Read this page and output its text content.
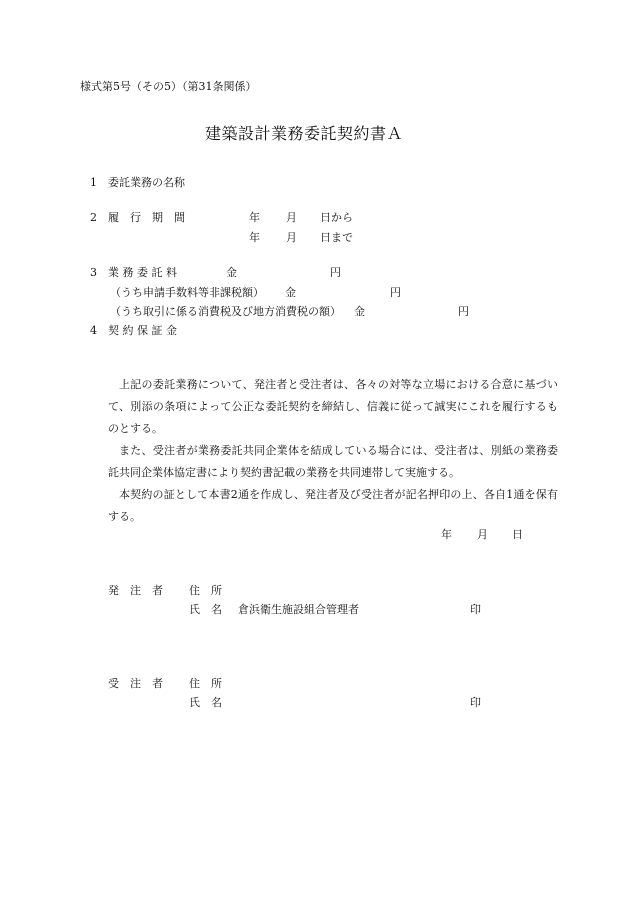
様式第5号（その5）（第31条関係）
建築設計業務委託契約書Ａ
1 委託業務の名称
2 履　行　期　間	年 月 日から
年 月 日まで
3 業 務 委 託 料	金	円
（うち申請手数料等非課税額） 金	円
（うち取引に係る消費税及び地方消費税の額） 金	円
4 契 約 保 証 金

上記の委託業務について、発注者と受注者は、各々の対等な立場における合意に基づいて、別添の条項によって公正な委託契約を締結し、信義に従って誠実にこれを履行するものとする。

また、受注者が業務委託共同企業体を結成している場合には、受注者は、別紙の業務委託共同企業体協定書により契約書記載の業務を共同連帯して実施する。

本契約の証として本書2通を作成し、発注者及び受注者が記名押印の上、各自1通を保有する。

年 月 日
発　注　者 住　所
氏　名 倉浜衛生施設組合管理者	印
受　注　者 住　所
氏　名	印
